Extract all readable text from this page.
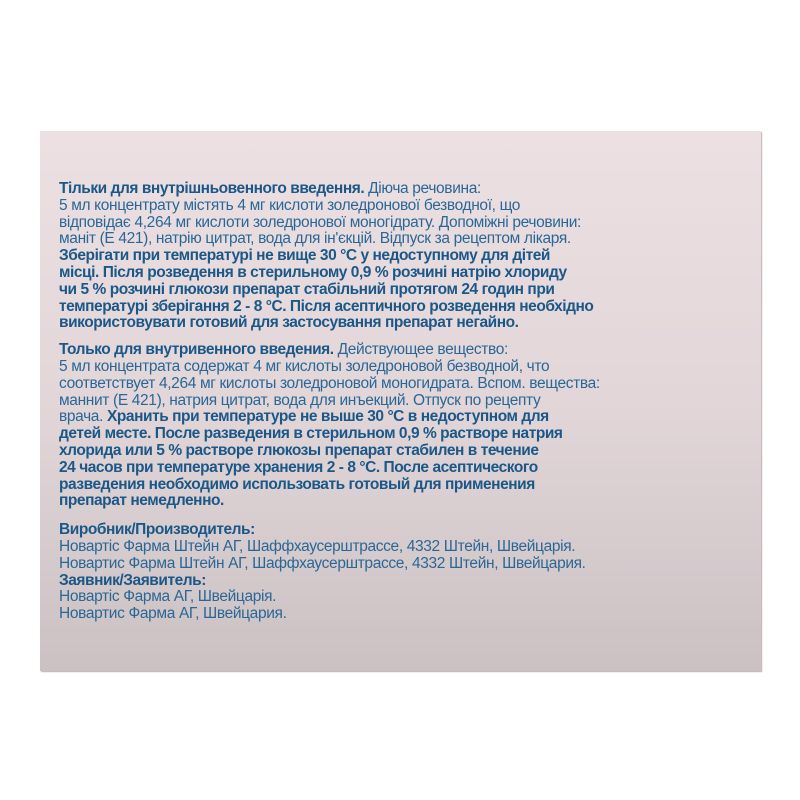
Тільки для внутрішньовенного введення. Діюча речовина:
5 мл концентрату містять 4 мг кислоти золедронової безводної, що
відповідає 4,264 мг кислоти золедронової моногідрату. Допоміжні речовини:
маніт (Е 421), натрію цитрат, вода для ін'єкцій. Відпуск за рецептом лікаря.
Зберігати при температурі не вище 30 °C у недоступному для дітей
місці. Після розведення в стерильному 0,9 % розчині натрію хлориду
чи 5 % розчині глюкози препарат стабільний протягом 24 годин при
температурі зберігання 2 - 8 °C. Після асептичного розведення необхідно
використовувати готовий для застосування препарат негайно.
Только для внутривенного введения. Действующее вещество:
5 мл концентрата содержат 4 мг кислоты золедроновой безводной, что
соответствует 4,264 мг кислоты золедроновой моногидрата. Вспом. вещества:
маннит (Е 421), натрия цитрат, вода для инъекций. Отпуск по рецепту
врача. Хранить при температуре не выше 30 °C в недоступном для
детей месте. После разведения в стерильном 0,9 % растворе натрия
хлорида или 5 % растворе глюкозы препарат стабилен в течение
24 часов при температуре хранения 2 - 8 °C. После асептического
разведения необходимо использовать готовый для применения
препарат немедленно.
Виробник/Производитель:
Новартіс Фарма Штейн АГ, Шаффхаусерштрассе, 4332 Штейн, Швейцарія.
Новартис Фарма Штейн АГ, Шаффхаусерштрассе, 4332 Штейн, Швейцария.
Заявник/Заявитель:
Новартіс Фарма АГ, Швейцарія.
Новартис Фарма АГ, Швейцария.
